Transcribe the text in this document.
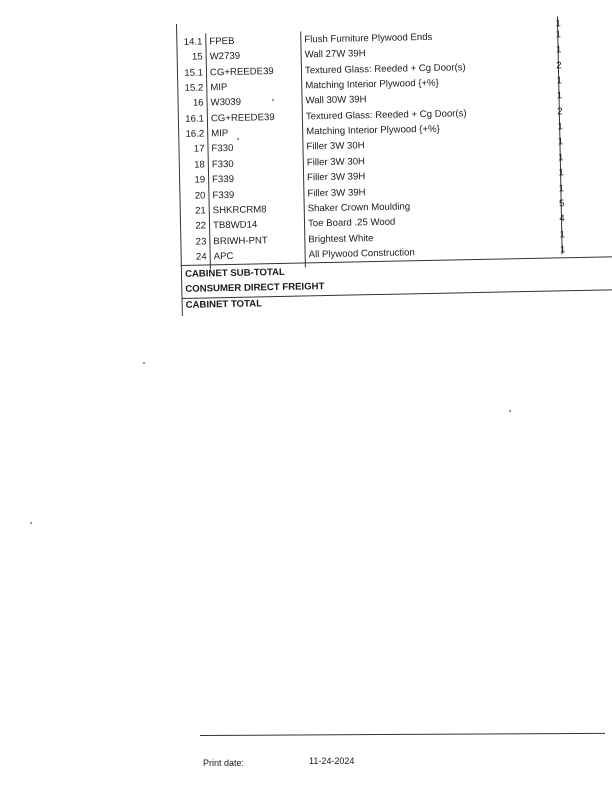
1
14.1 FPEB	Flush Furniture Plywood Ends	1
15 W2739	Wall 27W 39H	1
15.1 CG+REEDE39	Textured Glass: Reeded + Cg Door(s)	2
15.2 MIP	Matching Interior Plywood {+%}	1
16 W3039	Wall 30W 39H	1
16.1 CG+REEDE39	Textured Glass: Reeded + Cg Door(s)	2
16.2 MIP	Matching Interior Plywood {+%}	1
17 F330	Filler 3W 30H	1
18 F330	Filler 3W 30H	1
19 F339	Filler 3W 39H	1
20 F339	Filler 3W 39H	1
21 SHKRCRM8	Shaker Crown Moulding	5
22 TB8WD14	Toe Board .25 Wood	4
23 BRIWH-PNT	Brightest White	1
24 APC	All Plywood Construction	1
CABINET SUB-TOTAL
CONSUMER DIRECT FREIGHT
CABINET TOTAL
Print date:	11-24-2024
